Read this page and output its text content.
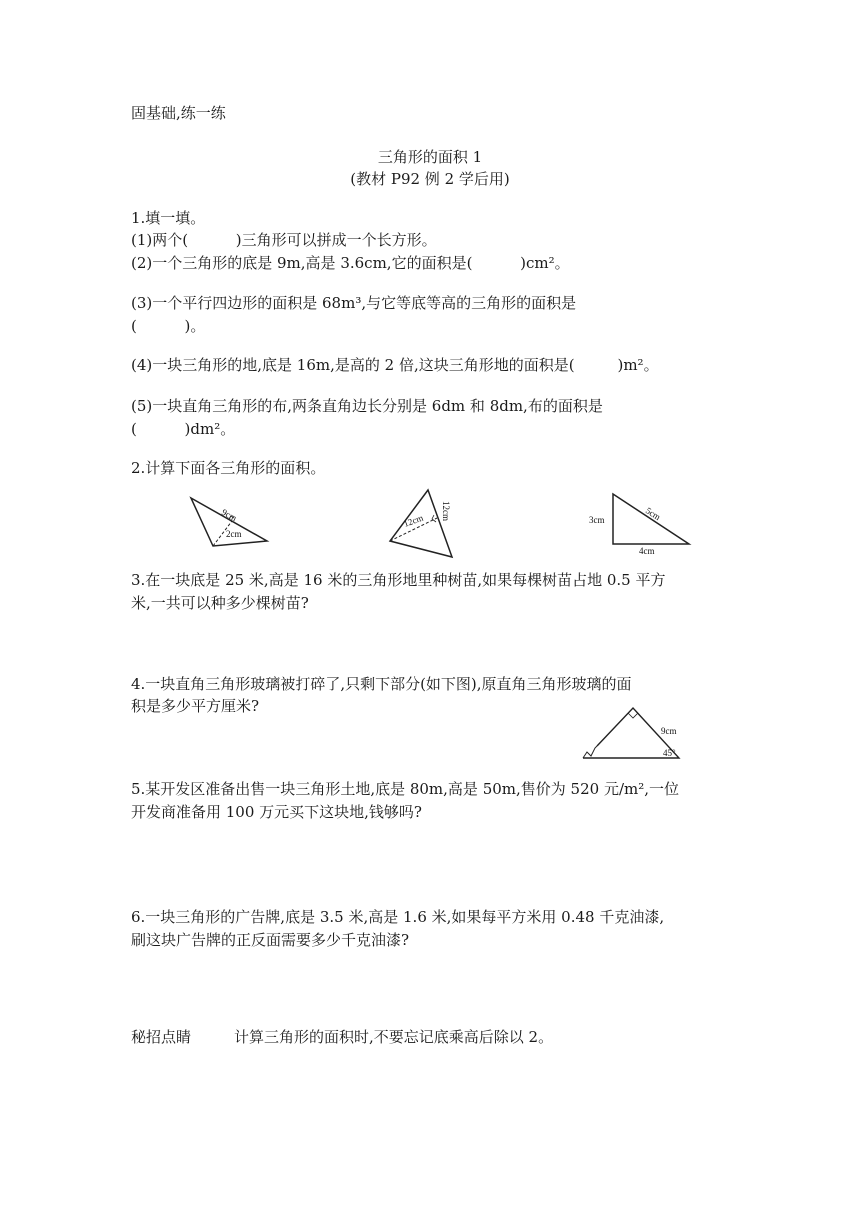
固基础,练一练
三角形的面积 1
(教材 P92 例 2 学后用)
1.填一填。
(1)两个(          )三角形可以拼成一个长方形。
(2)一个三角形的底是 9m,高是 3.6cm,它的面积是(          )cm²。
(3)一个平行四边形的面积是 68m³,与它等底等高的三角形的面积是
(          )。
(4)一块三角形的地,底是 16m,是高的 2 倍,这块三角形地的面积是(         )m²。
(5)一块直角三角形的布,两条直角边长分别是 6dm 和 8dm,布的面积是
(          )dm²。
2.计算下面各三角形的面积。
9cm
2cm
12cm 12cm	3cm
4cm
5cm
3.在一块底是 25 米,高是 16 米的三角形地里种树苗,如果每棵树苗占地 0.5 平方
米,一共可以种多少棵树苗?
4.一块直角三角形玻璃被打碎了,只剩下部分(如下图),原直角三角形玻璃的面
积是多少平方厘米?
9cm
45°
5.某开发区准备出售一块三角形土地,底是 80m,高是 50m,售价为 520 元/m²,一位
开发商准备用 100 万元买下这块地,钱够吗?
6.一块三角形的广告牌,底是 3.5 米,高是 1.6 米,如果每平方米用 0.48 千克油漆,
刷这块广告牌的正反面需要多少千克油漆?
秘招点睛	计算三角形的面积时,不要忘记底乘高后除以 2。
